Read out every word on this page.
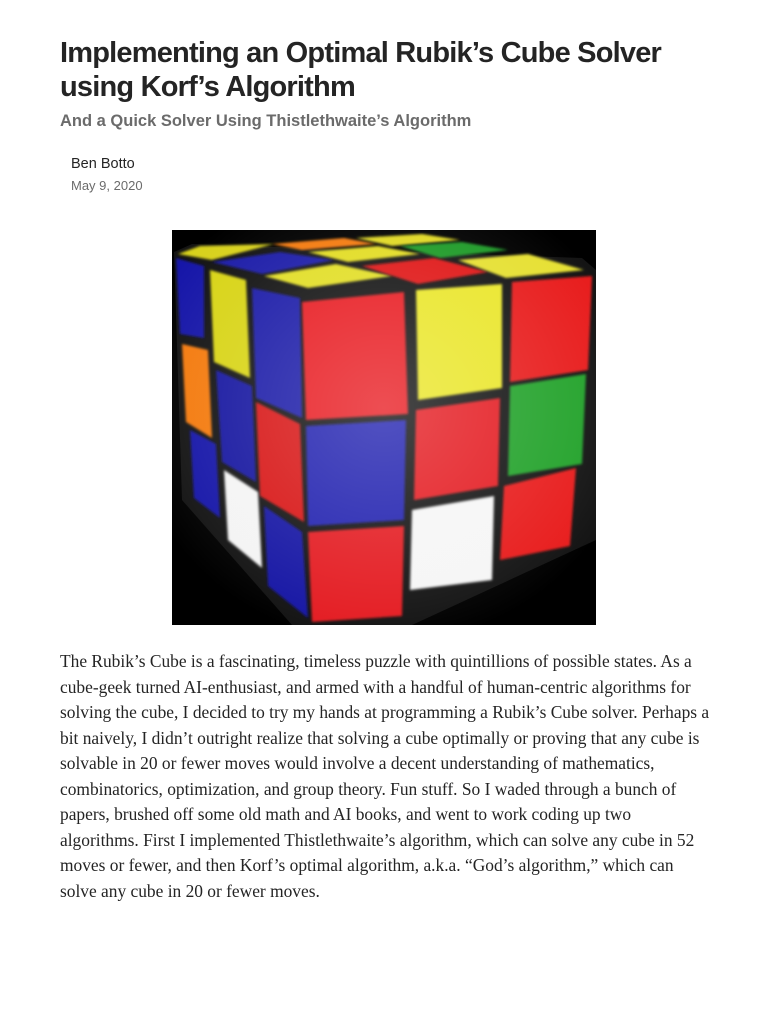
Implementing an Optimal Rubik’s Cube Solver using Korf’s Algorithm
And a Quick Solver Using Thistlethwaite’s Algorithm
Ben Botto
May 9, 2020

The Rubik’s Cube is a fascinating, timeless puzzle with quintillions of possible states. As a cube-geek turned AI-enthusiast, and armed with a handful of human-centric algorithms for solving the cube, I decided to try my hands at programming a Rubik’s Cube solver. Perhaps a bit naively, I didn’t outright realize that solving a cube optimally or proving that any cube is solvable in 20 or fewer moves would involve a decent understanding of mathematics, combinatorics, optimization, and group theory. Fun stuff. So I waded through a bunch of papers, brushed off some old math and AI books, and went to work coding up two algorithms. First I implemented Thistlethwaite’s algorithm, which can solve any cube in 52 moves or fewer, and then Korf’s optimal algorithm, a.k.a. “God’s algorithm,” which can solve any cube in 20 or fewer moves.
